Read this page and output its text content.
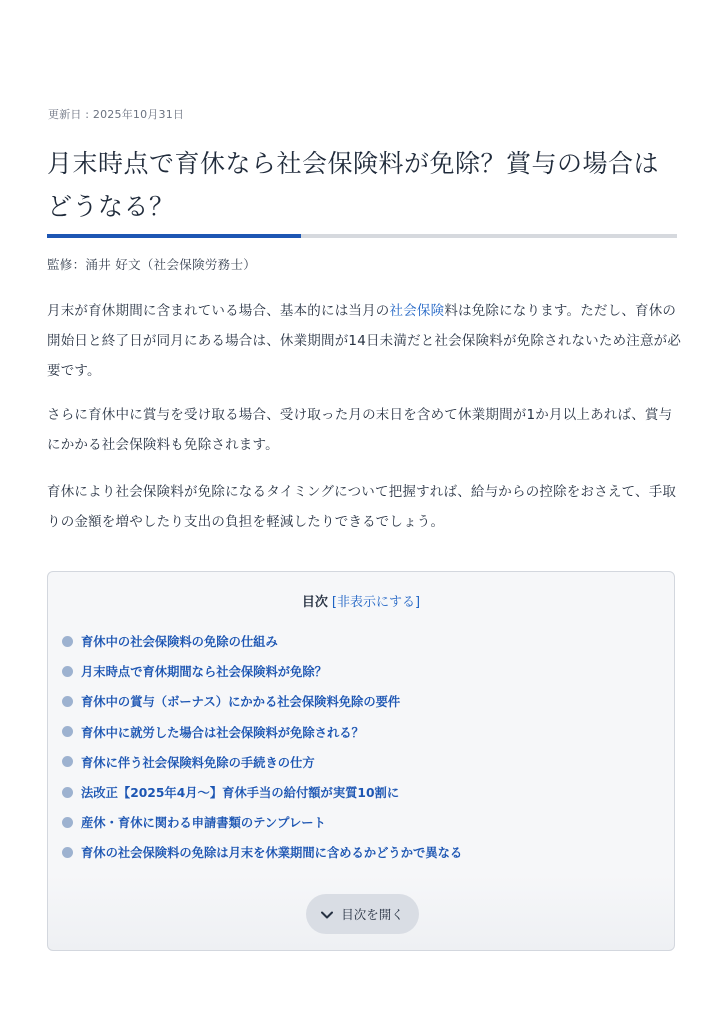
更新日 : 2025年10月31日
月末時点で育休なら社会保険料が免除？賞与の場合は
どうなる？
監修：涌井 好文（社会保険労務士）

月末が育休期間に含まれている場合、基本的には当月の社会保険料は免除になります。ただし、育休の開始日と終了日が同月にある場合は、休業期間が14日未満だと社会保険料が免除されないため注意が必要です。

さらに育休中に賞与を受け取る場合、受け取った月の末日を含めて休業期間が1か月以上あれば、賞与にかかる社会保険料も免除されます。

育休により社会保険料が免除になるタイミングについて把握すれば、給与からの控除をおさえて、手取りの金額を増やしたり支出の負担を軽減したりできるでしょう。

目次 [非表示にする]
育休中の社会保険料の免除の仕組み
月末時点で育休期間なら社会保険料が免除？
育休中の賞与（ボーナス）にかかる社会保険料免除の要件
育休中に就労した場合は社会保険料が免除される？
育休に伴う社会保険料免除の手続きの仕方
法改正【2025年4月〜】育休手当の給付額が実質10割に
産休・育休に関わる申請書類のテンプレート
育休の社会保険料の免除は月末を休業期間に含めるかどうかで異なる
目次を開く
